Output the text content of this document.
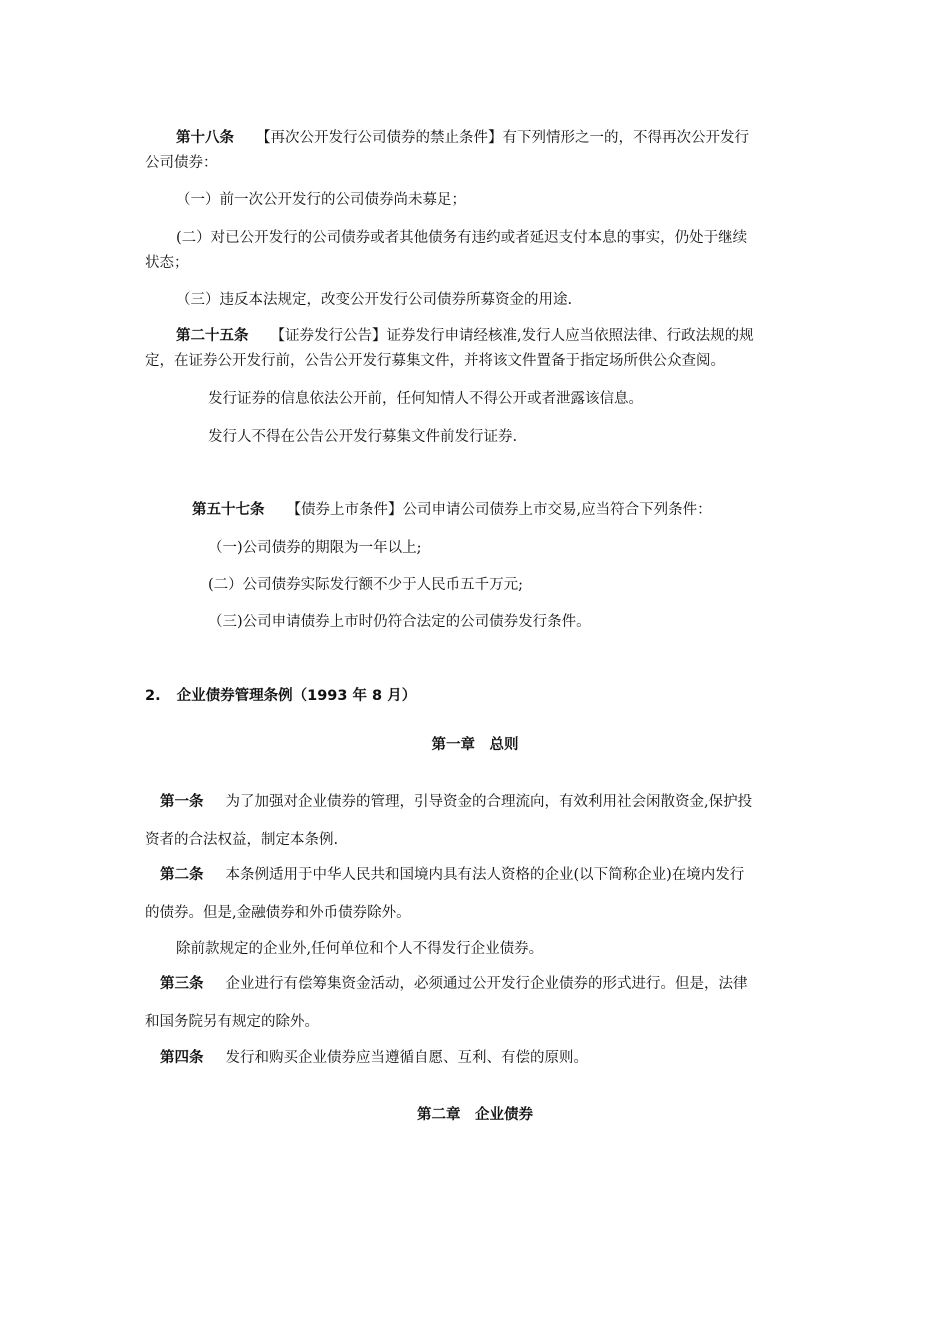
第十八条 【再次公开发行公司债券的禁止条件】有下列情形之一的，不得再次公开发行
公司债券：
（一）前一次公开发行的公司债券尚未募足；
(二）对已公开发行的公司债券或者其他债务有违约或者延迟支付本息的事实，仍处于继续
状态；
（三）违反本法规定，改变公开发行公司债券所募资金的用途.
第二十五条 【证券发行公告】证券发行申请经核准,发行人应当依照法律、行政法规的规
定，在证券公开发行前，公告公开发行募集文件，并将该文件置备于指定场所供公众查阅。
发行证券的信息依法公开前，任何知情人不得公开或者泄露该信息。
发行人不得在公告公开发行募集文件前发行证券.
第五十七条 【债券上市条件】公司申请公司债券上市交易,应当符合下列条件：
（一)公司债券的期限为一年以上;
(二）公司债券实际发行额不少于人民币五千万元;
（三)公司申请债券上市时仍符合法定的公司债券发行条件。
2. 企业债券管理条例（1993 年 8 月）
第一章　总则
第一条 为了加强对企业债券的管理，引导资金的合理流向，有效利用社会闲散资金,保护投
资者的合法权益，制定本条例.
第二条 本条例适用于中华人民共和国境内具有法人资格的企业(以下简称企业)在境内发行
的债券。但是,金融债券和外币债券除外。
除前款规定的企业外,任何单位和个人不得发行企业债券。
第三条 企业进行有偿筹集资金活动，必须通过公开发行企业债券的形式进行。但是，法律
和国务院另有规定的除外。
第四条 发行和购买企业债券应当遵循自愿、互利、有偿的原则。
第二章　企业债券
